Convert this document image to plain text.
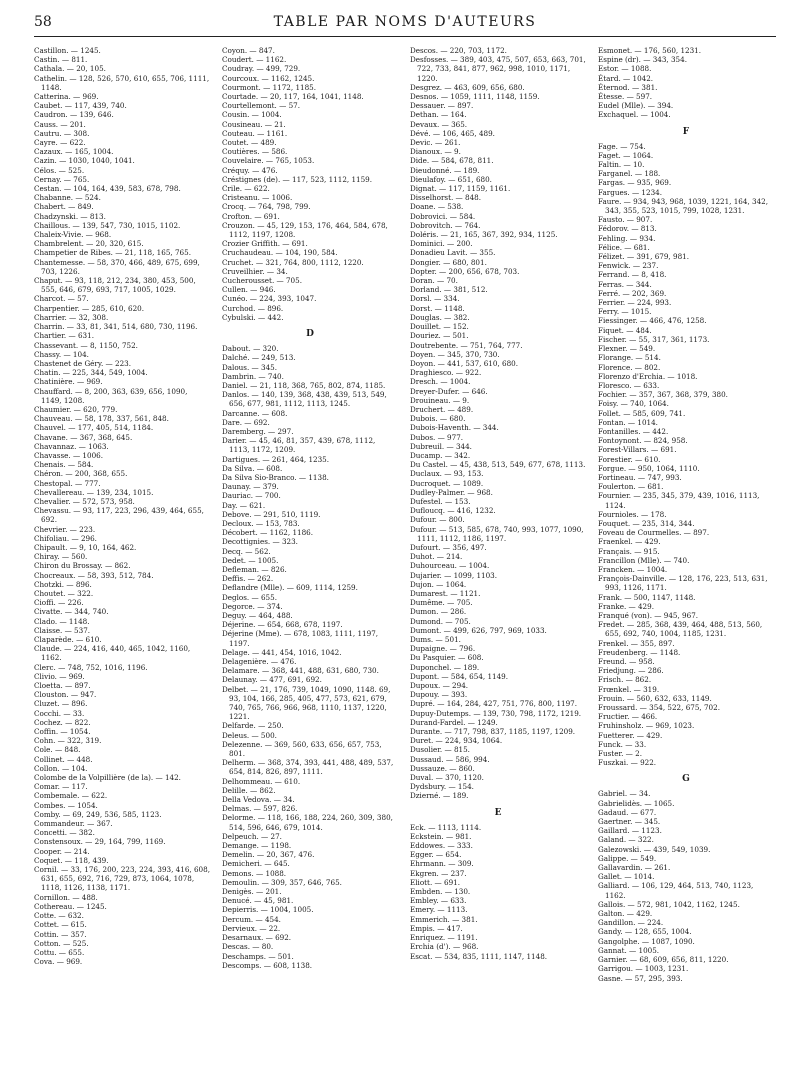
58	TABLE PAR NOMS D'AUTEURS

Castillon. — 1245.

Castin. — 811.

Cathala. — 20, 105.

Cathelin. — 128, 526, 570, 610, 655, 706, 1111, 1148.

Catterina. — 969.

Caubet. — 117, 439, 740.

Caudron. — 139, 646.

Causs. — 201.

Cautru. — 308.

Cayre. — 622.

Cazaux. — 165, 1004.

Cazin. — 1030, 1040, 1041.

Célos. — 525.

Cernay. — 765.

Cestan. — 104, 164, 439, 583, 678, 798.

Chabanne. — 524.

Chabert. — 849.

Chadzynski. — 813.

Chaillous. — 139, 547, 730, 1015, 1102.

Chaleix-Vivie. — 968.

Chambrelent. — 20, 320, 615.

Champetier de Ribes. — 21, 118, 165, 765.

Chantemesse. — 58, 370, 466, 489, 675, 699, 703, 1226.

Chaput. — 93, 118, 212, 234, 380, 453, 500, 555, 646, 679, 693, 717, 1005, 1029.

Charcot. — 57.

Charpentier. — 285, 610, 620.

Charrier. — 32, 308.

Charrin. — 33, 81, 341, 514, 680, 730, 1196.

Chartier. — 631.

Chassevant. — 8, 1150, 752.

Chassy. — 104.

Chastenet de Géry. — 223.

Chatin. — 225, 344, 549, 1004.

Chatinière. — 969.

Chauffard. — 8, 200, 363, 639, 656, 1090, 1149, 1208.

Chaumier. — 620, 779.

Chauveau. — 58, 178, 337, 561, 848.

Chauvel. — 177, 405, 514, 1184.

Chavane. — 367, 368, 645.

Chavannaz. — 1063.

Chavasse. — 1006.

Chenais. — 584.

Chéron. — 200, 368, 655.

Chestopal. — 777.

Chevallereau. — 139, 234, 1015.

Chevalier. — 572, 573, 958.

Chevassu. — 93, 117, 223, 296, 439, 464, 655, 692.

Chevrier. — 223.

Chifoliau. — 296.

Chipault. — 9, 10, 164, 462.

Chiray. — 560.

Chiron du Brossay. — 862.

Chocreaux. — 58, 393, 512, 784.

Chotzki. — 896.

Choutet. — 322.

Cioffi. — 226.

Civatte. — 344, 740.

Clado. — 1148.

Claisse. — 537.

Claparède. — 610.

Claude. — 224, 416, 440, 465, 1042, 1160, 1162.

Clerc. — 748, 752, 1016, 1196.

Clivio. — 969.

Cloetta. — 897.

Clouston. — 947.

Cluzet. — 896.

Cocchi. — 33.

Cochez. — 822.

Coffin. — 1054.

Cohn. — 322, 319.

Cole. — 848.

Collinet. — 448.

Collon. — 104.

Colombe de la Volpillière (de la). — 142.

Comar. — 117.

Combemale. — 622.

Combes. — 1054.

Comby. — 69, 249, 536, 585, 1123.

Commandeur. — 367.

Concetti. — 382.

Constensoux. — 29, 164, 799, 1169.

Cooper. — 214.

Coquet. — 118, 439.

Cornil. — 33, 176, 200, 223, 224, 393, 416, 608, 631, 655, 692, 716, 729, 873, 1064, 1078, 1118, 1126, 1138, 1171.

Cornillon. — 488.

Cothereau. — 1245.

Cotte. — 632.

Cottet. — 615.

Cottin. — 357.

Cotton. — 525.

Cottu. — 655.

Cova. — 969.

Coyon. — 847.

Coudert. — 1162.

Coudray. — 499, 729.

Courcoux. — 1162, 1245.

Courmont. — 1172, 1185.

Courtade. — 20, 117, 164, 1041, 1148.

Courtellemont. — 57.

Cousin. — 1004.

Cousineau. — 21.

Couteau. — 1161.

Coutet. — 489.

Coutières. — 586.

Couvelaire. — 765, 1053.

Créquy. — 476.

Créstignes (de). — 117, 523, 1112, 1159.

Crile. — 622.

Cristeanu. — 1006.

Crocq. — 764, 798, 799.

Crofton. — 691.

Crouzon. — 45, 129, 153, 176, 464, 584, 678, 1112, 1197, 1208.

Crozier Griffith. — 691.

Cruchaudeau. — 104, 190, 584.

Cruchet. — 321, 764, 800, 1112, 1220.

Cruveilhier. — 34.

Cucherousset. — 705.

Cullen. — 946.

Cunéo. — 224, 393, 1047.

Curchod. — 896.

Cybulski. — 442.

D

Dabout. — 320.

Dalché. — 249, 513.

Dalous. — 345.

Dambrin. — 740.

Daniel. — 21, 118, 368, 765, 802, 874, 1185.

Danlos. — 140, 139, 368, 438, 439, 513, 549, 656, 677, 981, 1112, 1113, 1245.

Darcanne. — 608.

Dare. — 692.

Daremberg. — 297.

Darier. — 45, 46, 81, 357, 439, 678, 1112, 1113, 1172, 1209.

Dartigues. — 261, 464, 1235.

Da Silva. — 608.

Da Silva Sio-Branco. — 1138.

Daunay. — 379.

Dauriac. — 700.

Day. — 621.

Debove. — 291, 510, 1119.

Decloux. — 153, 783.

Décobert. — 1162, 1186.

Decottignies. — 323.

Decq. — 562.

Dedet. — 1005.

Defleman. — 826.

Deffis. — 262.

Deflandre (Mlle). — 609, 1114, 1259.

Deglos. — 655.

Degorce. — 374.

Deguy. — 464, 488.

Déjerine. — 654, 668, 678, 1197.

Déjerine (Mme). — 678, 1083, 1111, 1197, 1197.

Delage. — 441, 454, 1016, 1042.

Delagenière. — 476.

Delamare. — 368, 441, 488, 631, 680, 730.

Delaunay. — 477, 691, 692.

Delbet. — 21, 176, 739, 1049, 1090, 1148. 69, 93, 104, 166, 285, 405, 477, 573, 621, 679, 740, 765, 766, 966, 968, 1110, 1137, 1220, 1221.

Delfarde. — 250.

Deleus. — 500.

Delezenne. — 369, 560, 633, 656, 657, 753, 801.

Delherm. — 368, 374, 393, 441, 488, 489, 537, 654, 814, 826, 897, 1111.

Delhommeau. — 610.

Delille. — 862.

Della Vedova. — 34.

Delmas. — 597, 826.

Delorme. — 118, 166, 188, 224, 260, 309, 380, 514, 596, 646, 679, 1014.

Delpeuch. — 27.

Demange. — 1198.

Demelin. — 20, 367, 476.

Demicheri. — 645.

Demons. — 1088.

Demoulin. — 309, 357, 646, 765.

Denigès. — 201.

Denucé. — 45, 981.

Depierris. — 1004, 1005.

Dercum. — 454.

Dervieux. — 22.

Desarnaux. — 692.

Descas. — 80.

Deschamps. — 501.

Descomps. — 608, 1138.

Descos. — 220, 703, 1172.

Desfosses. — 389, 403, 475, 507, 653, 663, 701, 722, 733, 841, 877, 962, 998, 1010, 1171, 1220.

Desgrez. — 463, 609, 656, 680.

Desnos. — 1059, 1111, 1148, 1159.

Dessauer. — 897.

Dethan. — 164.

Devaux. — 365.

Dévé. — 106, 465, 489.

Devic. — 261.

Dianoux. — 9.

Dide. — 584, 678, 811.

Dieudonné. — 189.

Dieulafoy. — 651, 680.

Dignat. — 117, 1159, 1161.

Disselhorst. — 848.

Doane. — 538.

Dobrovici. — 584.

Dobrovitch. — 764.

Doléris. — 21, 165, 367, 392, 934, 1125.

Dominici. — 200.

Donadieu Lavit. — 355.

Dongier. — 680, 801.

Dopter. — 200, 656, 678, 703.

Doran. — 70.

Dorland. — 381, 512.

Dorsl. — 334.

Dorst. — 1148.

Douglas. — 382.

Douillet. — 152.

Douriez. — 501.

Doutrebente. — 751, 764, 777.

Doyen. — 345, 370, 730.

Doyon. — 441, 537, 610, 680.

Draghiesco. — 922.

Dresch. — 1004.

Dreyer-Dufer. — 646.

Drouineau. — 9.

Druchert. — 489.

Dubois. — 680.

Dubois-Haventh. — 344.

Dubos. — 977.

Dubreuil. — 344.

Ducamp. — 342.

Du Castel. — 45, 438, 513, 549, 677, 678, 1113.

Duclaux. — 93, 153.

Ducroquet. — 1089.

Dudley-Palmer. — 968.

Dufestel. — 153.

Dufloucq. — 416, 1232.

Dufour. — 800.

Dufour. — 513, 585, 678, 740, 993, 1077, 1090, 1111, 1112, 1186, 1197.

Dufourt. — 356, 497.

Duhot. — 214.

Duhourceau. — 1004.

Dujarier. — 1099, 1103.

Dujon. — 1064.

Dumarest. — 1121.

Dumême. — 705.

Dumon. — 286.

Dumond. — 705.

Dumont. — 499, 626, 797, 969, 1033.

Dums. — 501.

Dupaigne. — 796.

Du Pasquier. — 608.

Duponchel. — 189.

Dupont. — 584, 654, 1149.

Dupoux. — 294.

Dupouy. — 393.

Dupré. — 164, 284, 427, 751, 776, 800, 1197.

Dupuy-Dutemps. — 139, 730, 798, 1172, 1219.

Durand-Fardel. — 1249.

Durante. — 717, 798, 837, 1185, 1197, 1209.

Duret. — 224, 934, 1064.

Dusolier. — 815.

Dussaud. — 586, 994.

Dussauze. — 860.

Duval. — 370, 1120.

Dydsbury. — 154.

Dzierné. — 189.

E

Eck. — 1113, 1114.

Eckstein. — 981.

Eddowes. — 333.

Egger. — 654.

Ehrmann. — 309.

Ekgren. — 237.

Eliott. — 691.

Embden. — 130.

Embley. — 633.

Emery. — 1113.

Emmerich. — 381.

Empis. — 417.

Enriquez. — 1191.

Erchia (d'). — 968.

Escat. — 534, 835, 1111, 1147, 1148.

Esmonet. — 176, 560, 1231.

Espine (dr). — 343, 354.

Estor. — 1088.

Étard. — 1042.

Éternod. — 381.

Étesse. — 597.

Eudel (Mlle). — 394.

Exchaquel. — 1004.

F

Fage. — 754.

Faget. — 1064.

Faltin. — 10.

Farganel. — 188.

Fargas. — 935, 969.

Fargues. — 1234.

Faure. — 934, 943, 968, 1039, 1221, 164, 342, 343, 355, 523, 1015, 799, 1028, 1231.

Fausto. — 907.

Fédorov. — 813.

Fehling. — 934.

Félice. — 681.

Félizet. — 391, 679, 981.

Fenwick. — 237.

Ferrand. — 8, 418.

Ferras. — 344.

Ferré. — 202, 369.

Ferrier. — 224, 993.

Ferry. — 1015.

Fiessinger. — 466, 476, 1258.

Fiquet. — 484.

Fischer. — 55, 317, 361, 1173.

Flexner. — 549.

Florange. — 514.

Florence. — 802.

Florenzo d'Erchia. — 1018.

Floresco. — 633.

Fochier. — 357, 367, 368, 379, 380.

Foisy. — 740, 1064.

Follet. — 585, 609, 741.

Fontan. — 1014.

Fontanilles. — 442.

Fontoynont. — 824, 958.

Forest-Villars. — 691.

Forestier. — 610.

Forgue. — 950, 1064, 1110.

Fortineau. — 747, 993.

Foulerton. — 681.

Fournier. — 235, 345, 379, 439, 1016, 1113, 1124.

Fournioles. — 178.

Fouquet. — 235, 314, 344.

Foveau de Courmelles. — 897.

Fraenkel. — 429.

Français. — 915.

Francillon (Mlle). — 740.

Francken. — 1004.

François-Dainville. — 128, 176, 223, 513, 631, 993, 1126, 1171.

Frank. — 500, 1147, 1148.

Franke. — 429.

Franqué (von). — 945, 967.

Fredet. — 285, 368, 439, 464, 488, 513, 560, 655, 692, 740, 1004, 1185, 1231.

Frenkel. — 355, 897.

Freudenberg. — 1148.

Freund. — 958.

Friedjung. — 286.

Frisch. — 862.

Frœnkel. — 319.

Frouin. — 560, 632, 633, 1149.

Froussard. — 354, 522, 675, 702.

Fructier. — 466.

Fruhinsholz. — 969, 1023.

Fuetterer. — 429.

Funck. — 33.

Fuster. — 2.

Fuszkai. — 922.

G

Gabriel. — 34.

Gabrielidès. — 1065.

Gadaud. — 677.

Gaertner. — 345.

Gaillard. — 1123.

Galand. — 322.

Galezowski. — 439, 549, 1039.

Galippe. — 549.

Gallavardin. — 261.

Gallet. — 1014.

Galliard. — 106, 129, 464, 513, 740, 1123, 1162.

Gallois. — 572, 981, 1042, 1162, 1245.

Galton. — 429.

Gandillon. — 224.

Gandy. — 128, 655, 1004.

Gangolphe. — 1087, 1090.

Gannat. — 1005.

Garnier. — 68, 609, 656, 811, 1220.

Garrigou. — 1003, 1231.

Gasne. — 57, 295, 393.
